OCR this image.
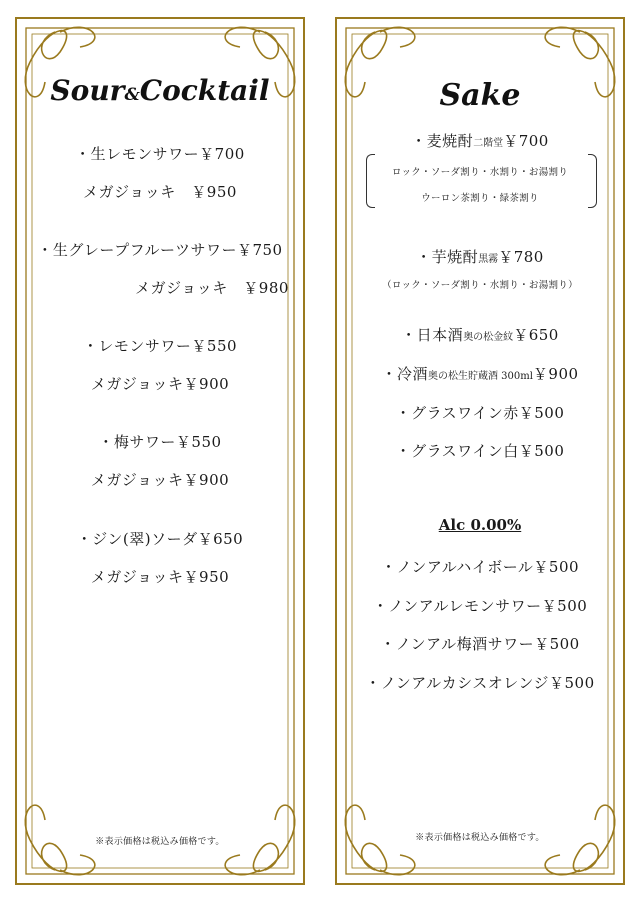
Sour&Cocktail
・生レモンサワー￥700
メガジョッキ　￥950
・生グレープフルーツサワー￥750
メガジョッキ　￥980
・レモンサワー￥550
メガジョッキ￥900
・梅サワー￥550
メガジョッキ￥900
・ジン(翠)ソーダ￥650
メガジョッキ￥950
※表示価格は税込み価格です。
Sake
・麦焼酎二階堂￥700
ロック・ソーダ割り・水割り・お湯割り
ウーロン茶割り・緑茶割り
・芋焼酎黒霧￥780
（ロック・ソーダ割り・水割り・お湯割り）
・日本酒奥の松金紋￥650
・冷酒奥の松生貯蔵酒 300ml￥900
・グラスワイン赤￥500
・グラスワイン白￥500
Alc 0.00%
・ノンアルハイボール￥500
・ノンアルレモンサワー￥500
・ノンアル梅酒サワー￥500
・ノンアルカシスオレンジ￥500
※表示価格は税込み価格です。
